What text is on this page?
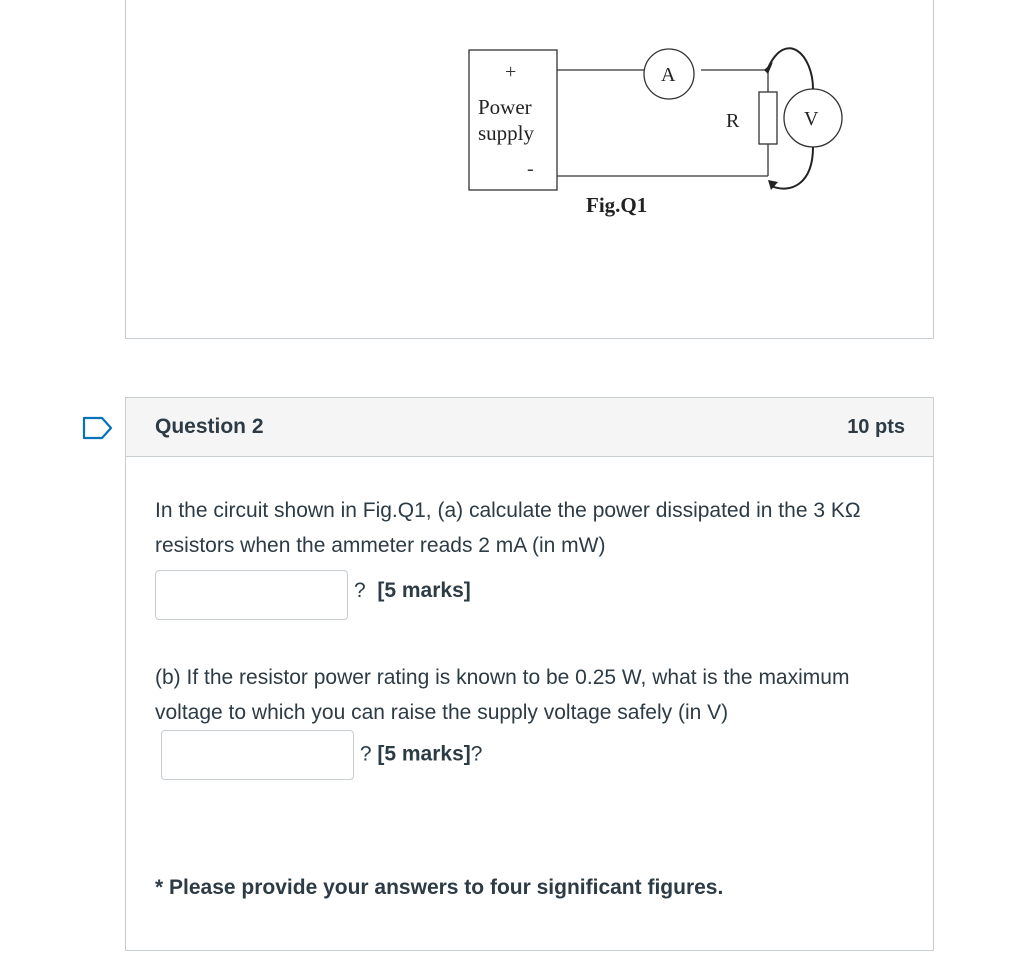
+
Power
supply
-
A
R	V
Fig.Q1
Question 2	10 pts

In the circuit shown in Fig.Q1, (a) calculate the power dissipated in the 3 KΩ resistors when the ammeter reads 2 mA (in mW)

? [5 marks]

(b) If the resistor power rating is known to be 0.25 W, what is the maximum voltage to which you can raise the supply voltage safely (in V)  ? [5 marks]?

* Please provide your answers to four significant figures.
